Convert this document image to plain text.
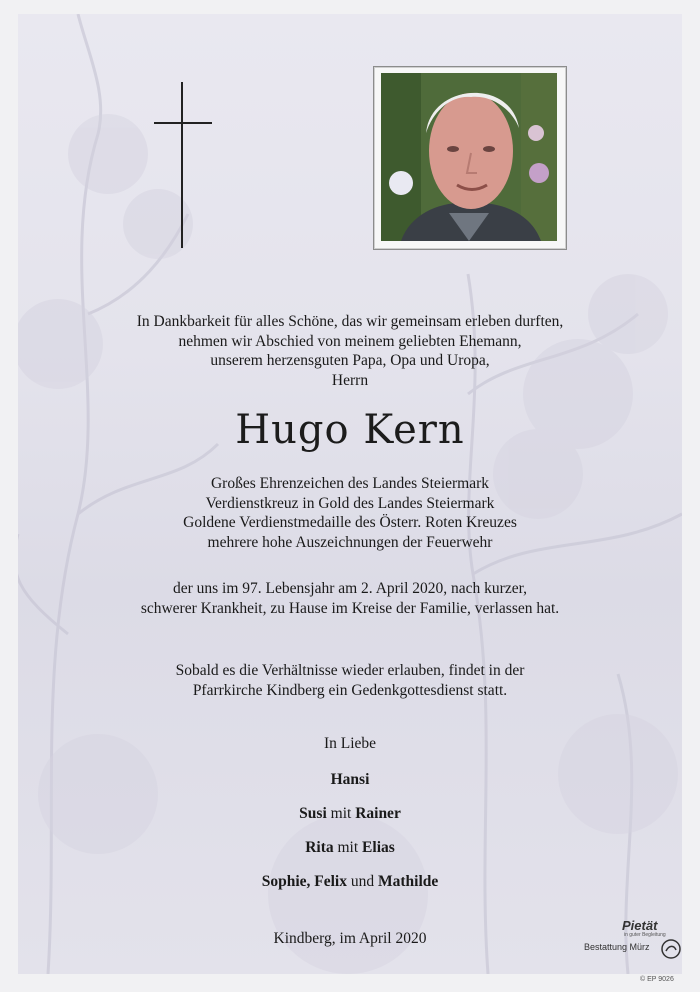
In Dankbarkeit für alles Schöne, das wir gemeinsam erleben durften,

nehmen wir Abschied von meinem geliebten Ehemann,

unserem herzensguten Papa, Opa und Uropa,

Herrn

Hugo Kern

Großes Ehrenzeichen des Landes Steiermark

Verdienstkreuz in Gold des Landes Steiermark

Goldene Verdienstmedaille des Österr. Roten Kreuzes

mehrere hohe Auszeichnungen der Feuerwehr

der uns im 97. Lebensjahr am 2. April 2020, nach kurzer,

schwerer Krankheit, zu Hause im Kreise der Familie, verlassen hat.

Sobald es die Verhältnisse wieder erlauben, findet in der

Pfarrkirche Kindberg ein Gedenkgottesdienst statt.

In Liebe
Hansi
Susi mit Rainer
Rita mit Elias
Sophie, Felix und Mathilde
Kindberg, im April 2020
Pietät
in guter Begleitung
Bestattung Mürz
© EP 9026
